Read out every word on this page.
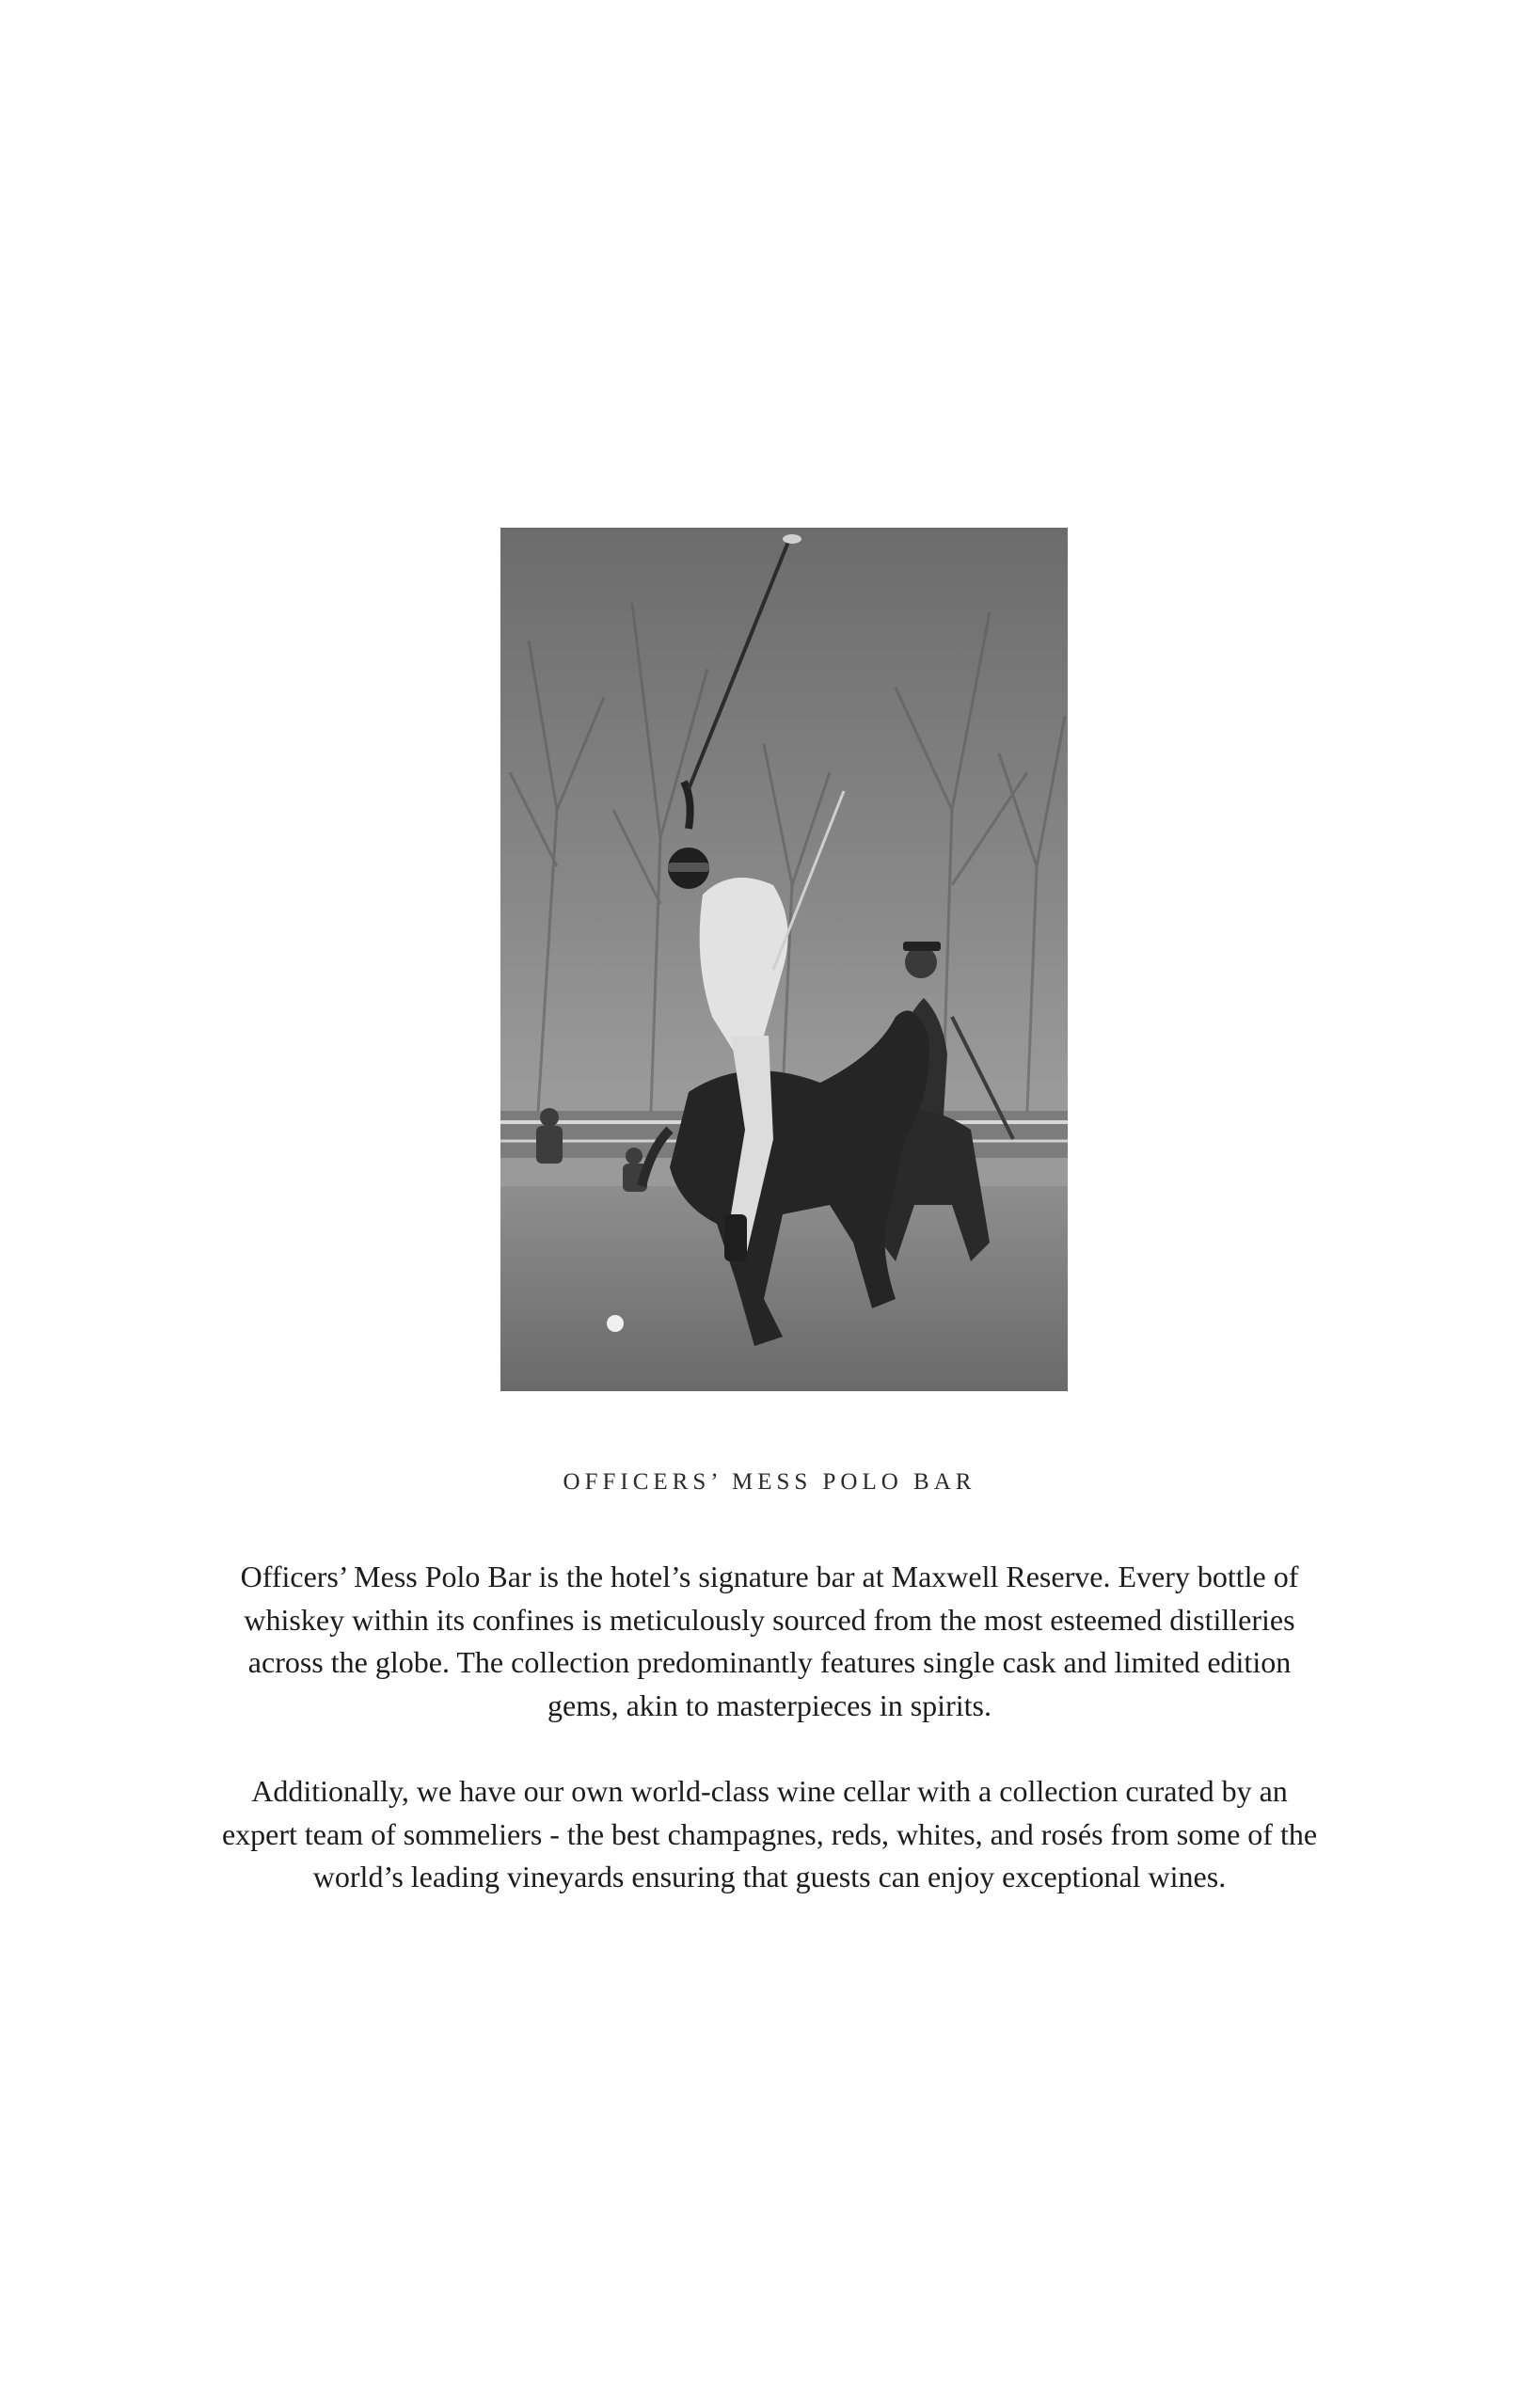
OFFICERS’ MESS POLO BAR

Officers’ Mess Polo Bar is the hotel’s signature bar at Maxwell Reserve. Every bottle of whiskey within its confines is meticulously sourced from the most esteemed distilleries across the globe. The collection predominantly features single cask and limited edition gems, akin to masterpieces in spirits.

Additionally, we have our own world-class wine cellar with a collection curated by an expert team of sommeliers - the best champagnes, reds, whites, and rosés from some of the world’s leading vineyards ensuring that guests can enjoy exceptional wines.
